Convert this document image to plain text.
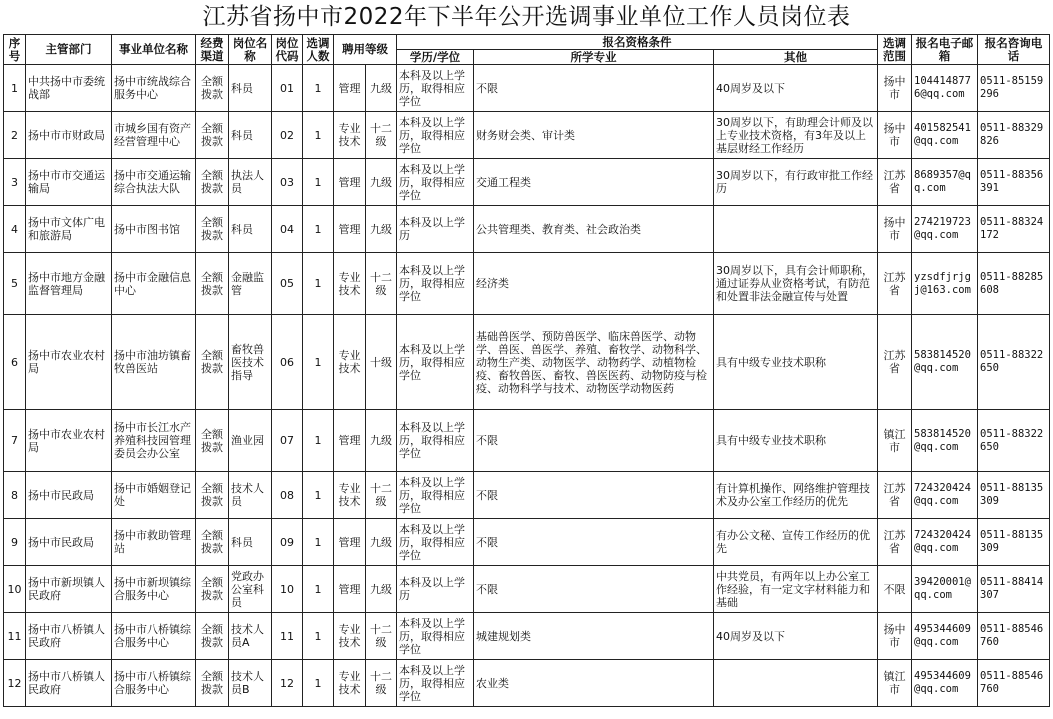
江苏省扬中市2022年下半年公开选调事业单位工作人员岗位表
序号	主管部门	事业单位名称	经费渠道	岗位名称	岗位代码	选调人数	聘用等级		报名资格条件			选调范围	报名电子邮箱	报名咨询电话
									学历/学位	所学专业	其他			
1	中共扬中市委统战部	扬中市统战综合服务中心	全额拨款	科员	01	1	管理	九级	本科及以上学历，取得相应学位	不限	40周岁及以下	扬中市	1044148776@qq.com	0511-85159296
2	扬中市市财政局	市城乡国有资产经营管理中心	全额拨款	科员	02	1	专业技术	十二级	本科及以上学历，取得相应学位	财务财会类、审计类	30周岁以下，有助理会计师及以上专业技术资格，有3年及以上基层财经工作经历	扬中市	401582541@qq.com	0511-88329826
3	扬中市市交通运输局	扬中市交通运输综合执法大队	全额拨款	执法人员	03	1	管理	九级	本科及以上学历，取得相应学位	交通工程类	30周岁以下，有行政审批工作经历	江苏省	8689357@qq.com	0511-88356391
4	扬中市文体广电和旅游局	扬中市图书馆	全额拨款	科员	04	1	管理	九级	本科及以上学历	公共管理类、教育类、社会政治类		扬中市	274219723@qq.com	0511-88324172
5	扬中市地方金融监督管理局	扬中市金融信息中心	全额拨款	金融监管	05	1	专业技术	十二级	本科及以上学历，取得相应学位	经济类	30周岁以下，具有会计师职称，通过证券从业资格考试，有防范和处置非法金融宣传与处置	江苏省	yzsdfjrjgj@163.com	0511-88285608
6	扬中市农业农村局	扬中市油坊镇畜牧兽医站	全额拨款	畜牧兽医技术指导	06	1	专业技术	十级	本科及以上学历，取得相应学位	基础兽医学、预防兽医学、临床兽医学、动物学、兽医、兽医学、养殖、畜牧学、动物科学、动物生产类、动物医学、动物药学、动植物检疫、畜牧兽医、畜牧、兽医医药、动物防疫与检疫、动物科学与技术、动物医学动物医药	具有中级专业技术职称	江苏省	583814520@qq.com	0511-88322650
7	扬中市农业农村局	扬中市长江水产养殖科技园管理委员会办公室	全额拨款	渔业园	07	1	管理	九级	本科及以上学历，取得相应学位	不限	具有中级专业技术职称	镇江市	583814520@qq.com	0511-88322650
8	扬中市民政局	扬中市婚姻登记处	全额拨款	技术人员	08	1	专业技术	十二级	本科及以上学历，取得相应学位	不限	有计算机操作、网络维护管理技术及办公室工作经历的优先	江苏省	724320424@qq.com	0511-88135309
9	扬中市民政局	扬中市救助管理站	全额拨款	科员	09	1	管理	九级	本科及以上学历，取得相应学位	不限	有办公文秘、宣传工作经历的优先	江苏省	724320424@qq.com	0511-88135309
10	扬中市新坝镇人民政府	扬中市新坝镇综合服务中心	全额拨款	党政办公室科员	10	1	管理	九级	本科及以上学历	不限	中共党员，有两年以上办公室工作经验，有一定文字材料能力和基础	不限	39420001@qq.com	0511-88414307
11	扬中市八桥镇人民政府	扬中市八桥镇综合服务中心	全额拨款	技术人员A	11	1	专业技术	十二级	本科及以上学历，取得相应学位	城建规划类	40周岁及以下	扬中市	495344609@qq.com	0511-88546760
12	扬中市八桥镇人民政府	扬中市八桥镇综合服务中心	全额拨款	技术人员B	12	1	专业技术	十二级	本科及以上学历，取得相应学位	农业类		镇江市	495344609@qq.com	0511-88546760
